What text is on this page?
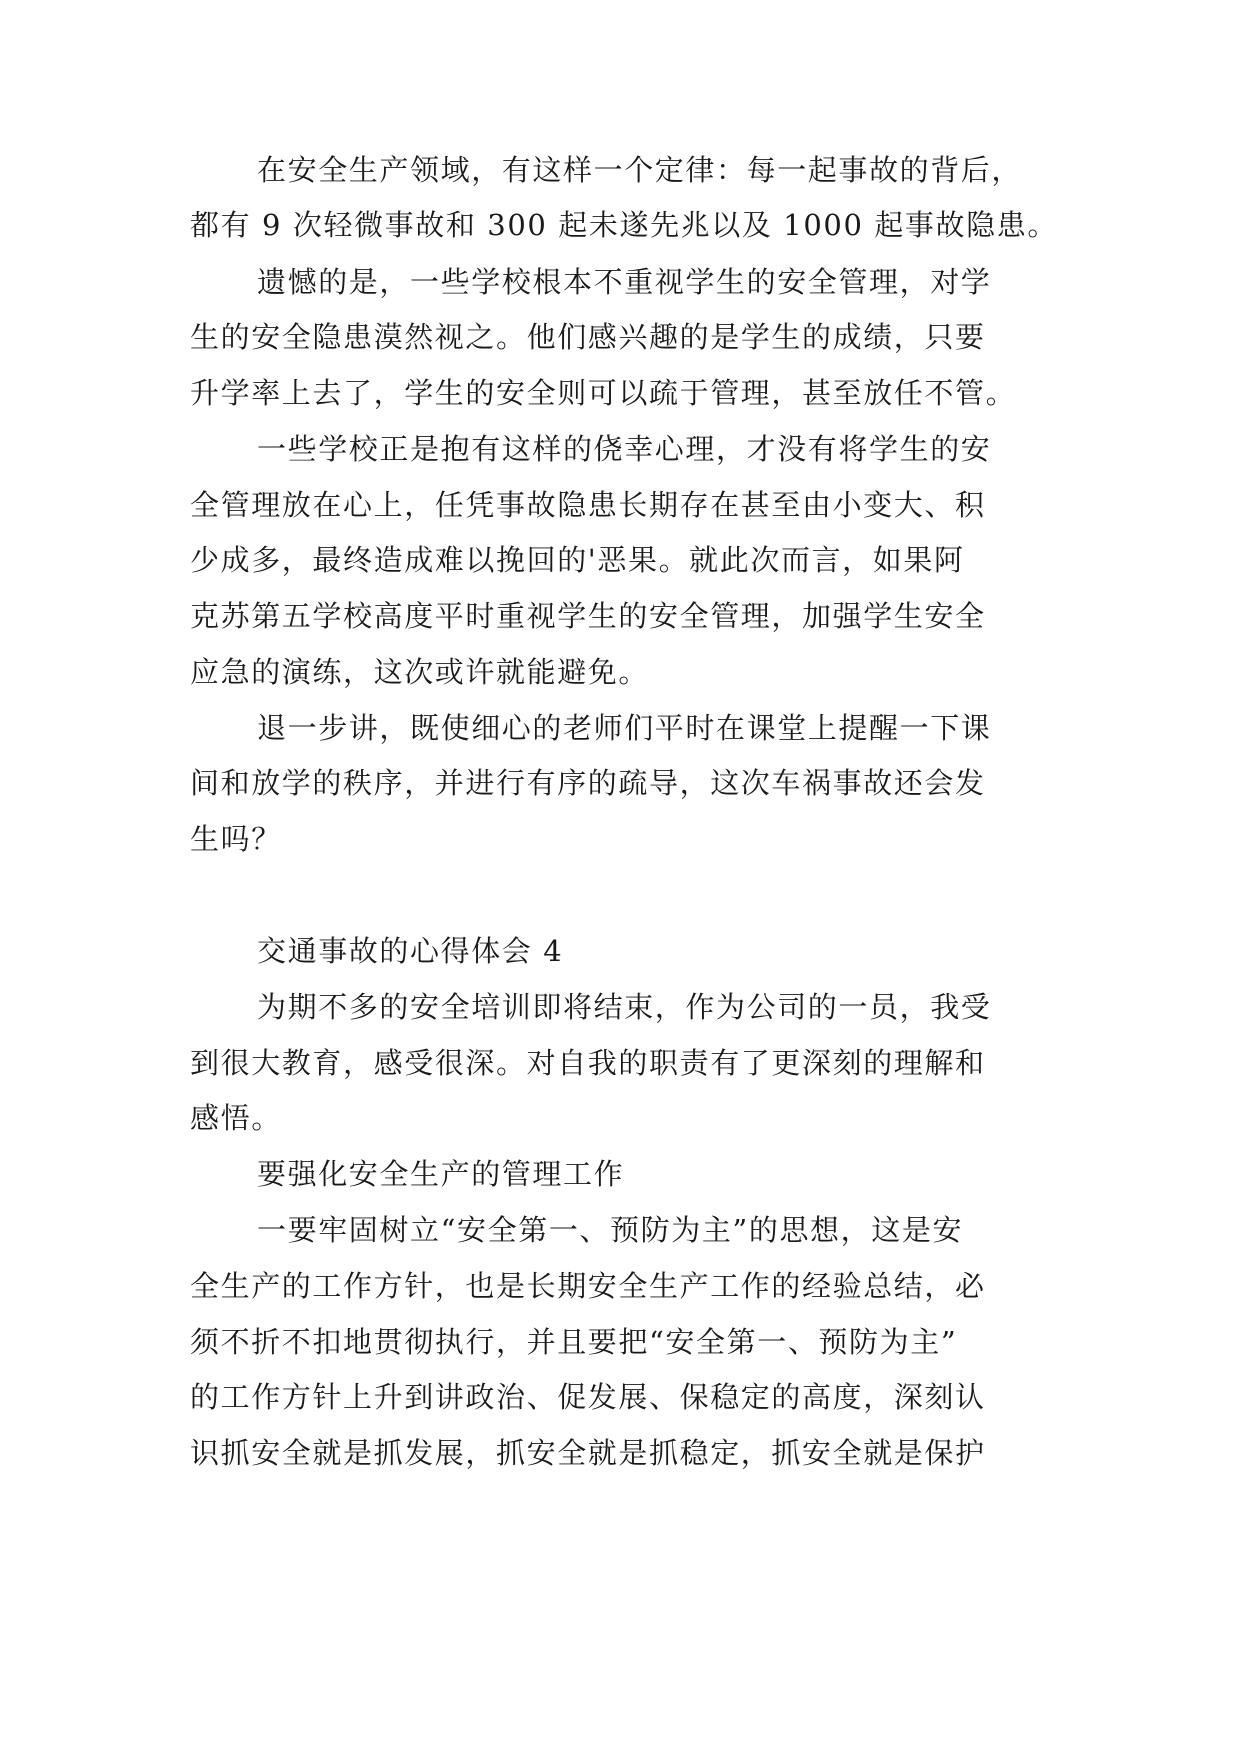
在安全生产领域，有这样一个定律：每一起事故的背后，
都有 9 次轻微事故和 300 起未遂先兆以及 1000 起事故隐患。
遗憾的是，一些学校根本不重视学生的安全管理，对学
生的安全隐患漠然视之。他们感兴趣的是学生的成绩，只要
升学率上去了，学生的安全则可以疏于管理，甚至放任不管。
一些学校正是抱有这样的侥幸心理，才没有将学生的安
全管理放在心上，任凭事故隐患长期存在甚至由小变大、积
少成多，最终造成难以挽回的'恶果。就此次而言，如果阿
克苏第五学校高度平时重视学生的安全管理，加强学生安全
应急的演练，这次或许就能避免。
退一步讲，既使细心的老师们平时在课堂上提醒一下课
间和放学的秩序，并进行有序的疏导，这次车祸事故还会发
生吗？
交通事故的心得体会 4
为期不多的安全培训即将结束，作为公司的一员，我受
到很大教育，感受很深。对自我的职责有了更深刻的理解和
感悟。
要强化安全生产的管理工作
一要牢固树立“安全第一、预防为主”的思想，这是安
全生产的工作方针，也是长期安全生产工作的经验总结，必
须不折不扣地贯彻执行，并且要把“安全第一、预防为主”
的工作方针上升到讲政治、促发展、保稳定的高度，深刻认
识抓安全就是抓发展，抓安全就是抓稳定，抓安全就是保护
